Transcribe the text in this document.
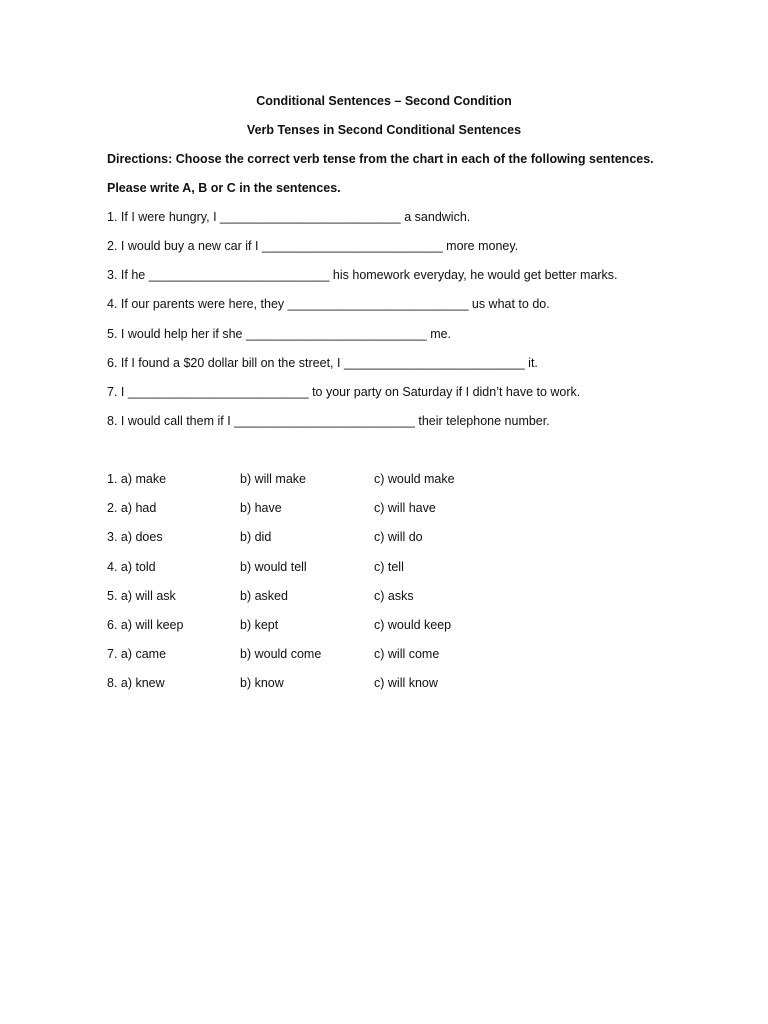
Conditional Sentences – Second Condition
Verb Tenses in Second Conditional Sentences
Directions: Choose the correct verb tense from the chart in each of the following sentences.
Please write A, B or C in the sentences.
1. If I were hungry, I __________________________ a sandwich.
2. I would buy a new car if I __________________________ more money.
3. If he __________________________ his homework everyday, he would get better marks.
4. If our parents were here, they __________________________ us what to do.
5. I would help her if she __________________________ me.
6. If I found a $20 dollar bill on the street, I __________________________ it.
7. I __________________________ to your party on Saturday if I didn’t have to work.
8. I would call them if I __________________________ their telephone number.
1. a) make	b) will make	c) would make
2. a) had	b) have	c) will have
3. a) does	b) did	c) will do
4. a) told	b) would tell	c) tell
5. a) will ask	b) asked	c) asks
6. a) will keep	b) kept	c) would keep
7. a) came	b) would come	c) will come
8. a) knew	b) know	c) will know
